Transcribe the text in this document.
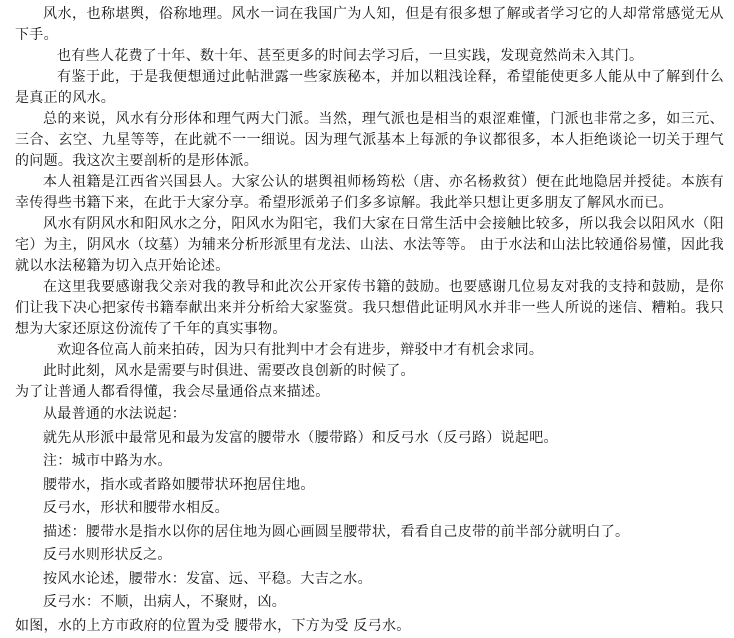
风水，也称堪舆，俗称地理。风水一词在我国广为人知，但是有很多想了解或者学习它的人却常常感觉无从下手。

也有些人花费了十年、数十年、甚至更多的时间去学习后，一旦实践，发现竟然尚未入其门。

有鉴于此，于是我便想通过此帖泄露一些家族秘本，并加以粗浅诠释，希望能使更多人能从中了解到什么是真正的风水。

总的来说，风水有分形体和理气两大门派。当然，理气派也是相当的艰涩难懂，门派也非常之多，如三元、三合、玄空、九星等等，在此就不一一细说。因为理气派基本上每派的争议都很多，本人拒绝谈论一切关于理气的问题。我这次主要剖析的是形体派。

本人祖籍是江西省兴国县人。大家公认的堪舆祖师杨筠松（唐、亦名杨救贫）便在此地隐居并授徒。本族有幸传得些书籍下来，在此于大家分享。希望形派弟子们多多谅解。我此举只想让更多朋友了解风水而已。

风水有阴风水和阳风水之分，阳风水为阳宅，我们大家在日常生活中会接触比较多，所以我会以阳风水（阳宅）为主，阴风水（坟墓）为辅来分析形派里有龙法、山法、水法等等。 由于水法和山法比较通俗易懂，因此我就以水法秘籍为切入点开始论述。

在这里我要感谢我父亲对我的教导和此次公开家传书籍的鼓励。也要感谢几位易友对我的支持和鼓励，是你们让我下决心把家传书籍奉献出来并分析给大家鉴赏。我只想借此证明风水并非一些人所说的迷信、糟粕。我只想为大家还原这份流传了千年的真实事物。

欢迎各位高人前来拍砖，因为只有批判中才会有进步，辩驳中才有机会求同。

此时此刻，风水是需要与时俱进、需要改良创新的时候了。

为了让普通人都看得懂，我会尽量通俗点来描述。

从最普通的水法说起：

就先从形派中最常见和最为发富的腰带水（腰带路）和反弓水（反弓路）说起吧。

注：城市中路为水。

腰带水，指水或者路如腰带状环抱居住地。

反弓水，形状和腰带水相反。

描述：腰带水是指水以你的居住地为圆心画圆呈腰带状，看看自己皮带的前半部分就明白了。

反弓水则形状反之。

按风水论述，腰带水：发富、远、平稳。大吉之水。

反弓水：不顺，出病人，不聚财，凶。

如图，水的上方市政府的位置为受 腰带水，下方为受 反弓水。
